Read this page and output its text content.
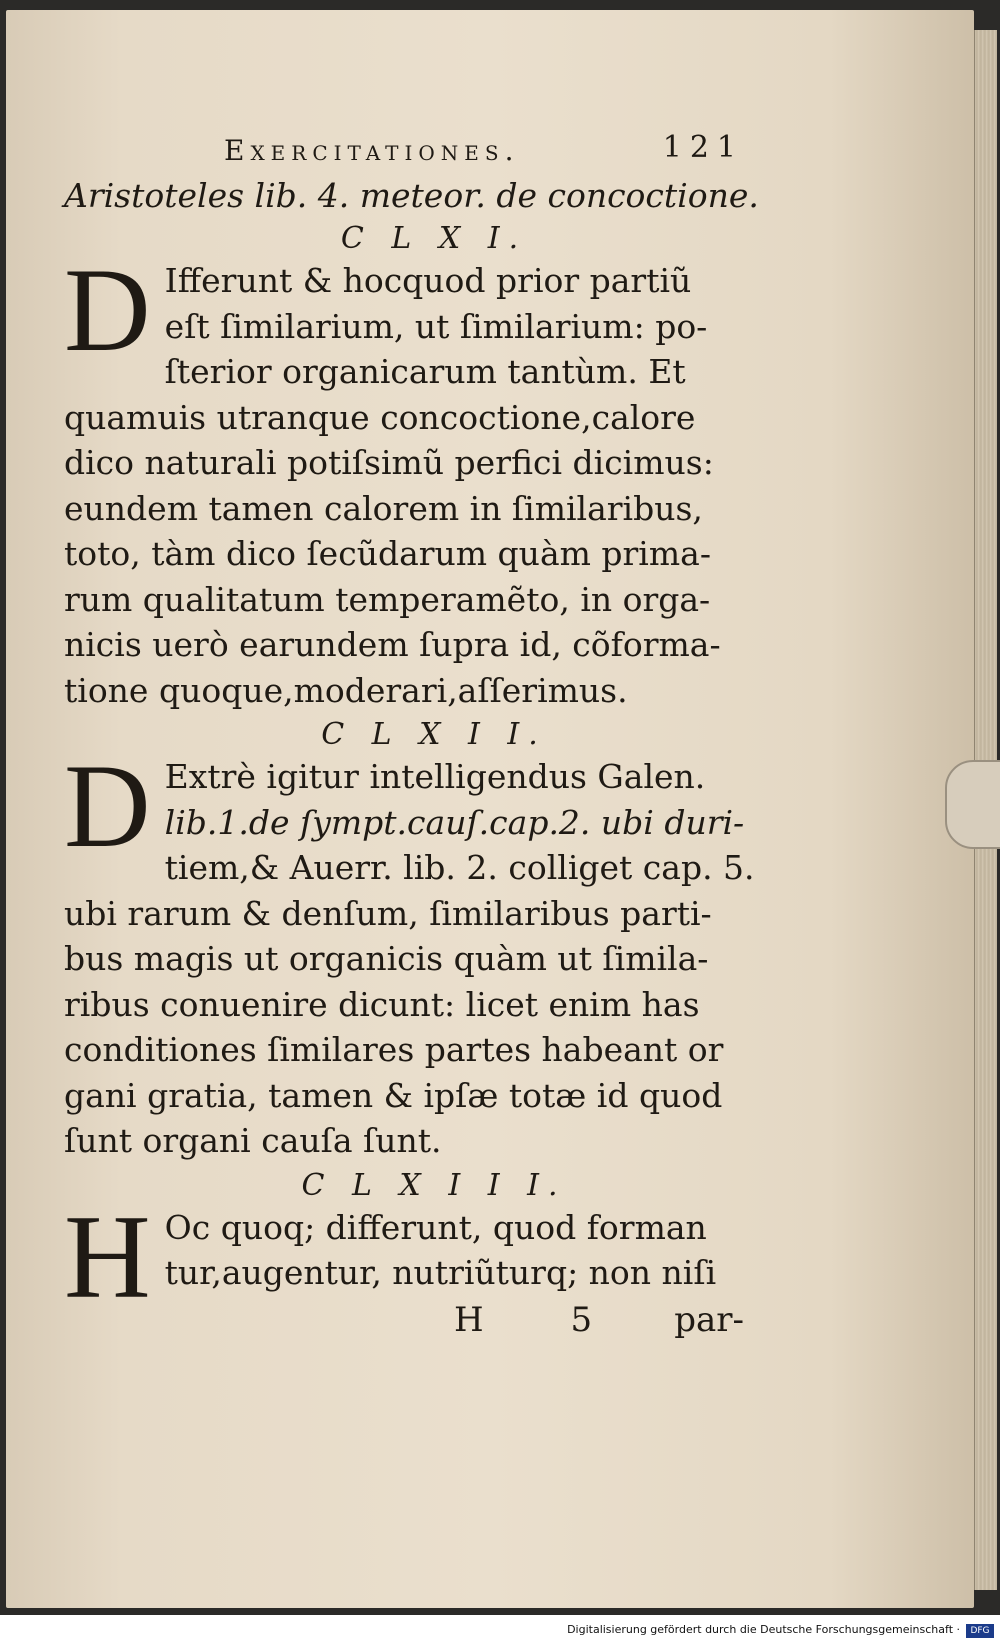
Exercitationes.	121
Aristoteles lib. 4. meteor. de concoctione.
C L X I.
D Ifferunt & hocquod prior partiũ
eſt ſimilarium, ut ſimilarium: po-
ſterior organicarum tantùm. Et
quamuis utranque concoctione,calore
dico naturali potiſsimũ perfici dicimus:
eundem tamen calorem in ſimilaribus,
toto, tàm dico ſecũdarum quàm prima-
rum qualitatum temperamẽto, in orga-
nicis uerò earundem ſupra id, cõforma-
tione quoque,moderari,aſſerimus.
C L X I I.
D Extrè igitur intelligendus Galen.
lib.1.de ſympt.cauſ.cap.2. ubi duri-
tiem,& Auerr. lib. 2. colliget cap. 5.
ubi rarum & denſum, ſimilaribus parti-
bus magis ut organicis quàm ut ſimila-
ribus conuenire dicunt: licet enim has
conditiones ſimilares partes habeant or
gani gratia, tamen & ipſæ totæ id quod
ſunt organi cauſa ſunt.
C L X I I I.
H Oc quoq; differunt, quod forman
tur,augentur, nutriũturq; non niſi
H 5 par-
Digitalisierung gefördert durch die Deutsche Forschungsgemeinschaft ·	DFG
